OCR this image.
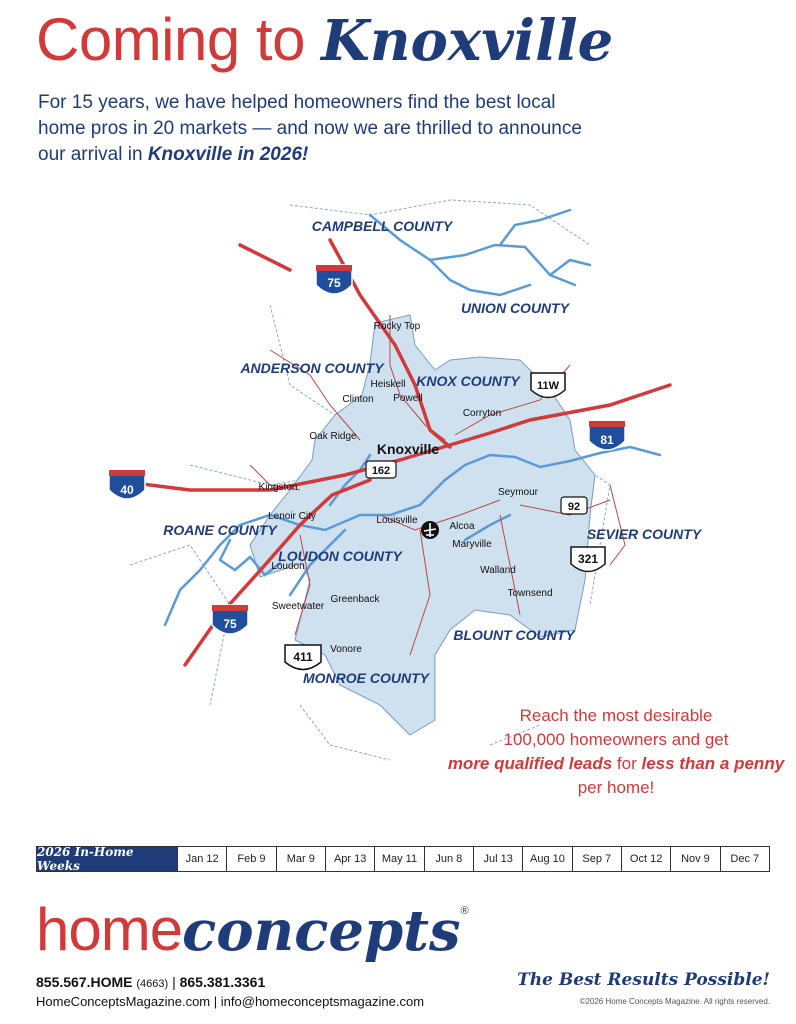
Coming to Knoxville
For 15 years, we have helped homeowners find the best local home pros in 20 markets — and now we are thrilled to announce our arrival in Knoxville in 2026!
75
81
40
75
11W
321
411
162
92
CAMPBELL COUNTY
UNION COUNTY
ANDERSON COUNTY
KNOX COUNTY
ROANE COUNTY
LOUDON COUNTY
SEVIER COUNTY
BLOUNT COUNTY
MONROE COUNTY
Rocky Top
Heiskell
Clinton Powell
Corryton
Oak Ridge
Knoxville
Kingston
Lenoir City	Louisville
Alcoa
Maryville
Seymour
Loudon	Walland
Townsend
Sweetwater
Greenback
Vonore
Reach the most desirable
100,000 homeowners and get
more qualified leads for less than a penny per home!
2026 In-Home Weeks	Jan 12	Feb 9	Mar 9	Apr 13	May 11	Jun 8	Jul 13	Aug 10	Sep 7	Oct 12	Nov 9	Dec 7
homeconcepts®
855.567.HOME (4663) | 865.381.3361
HomeConceptsMagazine.com | info@homeconceptsmagazine.com
The Best Results Possible!
©2026 Home Concepts Magazine. All rights reserved.
